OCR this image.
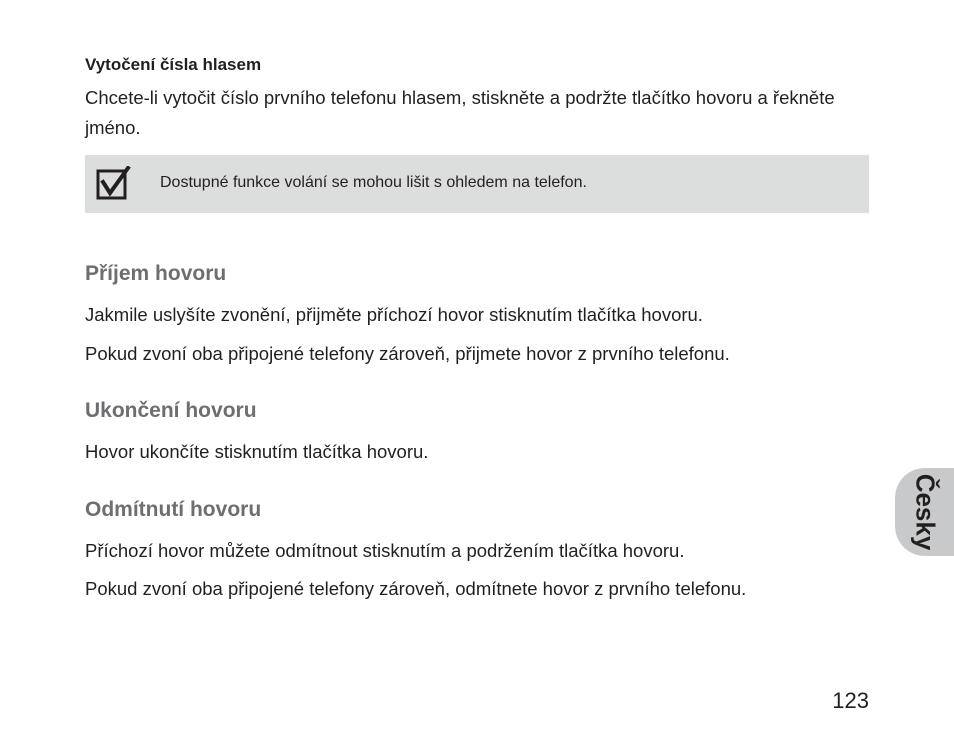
Vytočení čísla hlasem

Chcete-li vytočit číslo prvního telefonu hlasem, stiskněte a podržte tlačítko hovoru a řekněte jméno.

Dostupné funkce volání se mohou lišit s ohledem na telefon.
Příjem hovoru

Jakmile uslyšíte zvonění, přijměte příchozí hovor stisknutím tlačítka hovoru.

Pokud zvoní oba připojené telefony zároveň, přijmete hovor z prvního telefonu.

Ukončení hovoru

Hovor ukončíte stisknutím tlačítka hovoru.

Odmítnutí hovoru

Příchozí hovor můžete odmítnout stisknutím a podržením tlačítka hovoru.

Pokud zvoní oba připojené telefony zároveň, odmítnete hovor z prvního telefonu.

Česky
123
